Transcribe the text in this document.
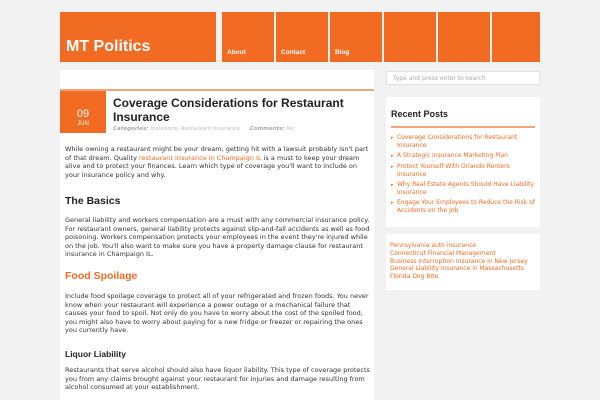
MT Politics	About	Contact	Blog
09
JUN
Coverage Considerations for Restaurant Insurance
Categories: Insurance, Restaurant Insurance Comments: No
While owning a restaurant might be your dream, getting hit with a lawsuit probably isn't part of that dream. Quality restaurant insurance in Champaign IL is a must to keep your dream alive and to protect your finances. Learn which type of coverage you'll want to include on your insurance policy and why.
The Basics
General liability and workers compensation are a must with any commercial insurance policy. For restaurant owners, general liability protects against slip-and-fall accidents as well as food poisoning. Workers compensation protects your employees in the event they're injured while on the job. You'll also want to make sure you have a property damage clause for restaurant insurance in Champaign IL.
Food Spoilage
Include food spoilage coverage to protect all of your refrigerated and frozen foods. You never know when your restaurant will experience a power outage or a mechanical failure that causes your food to spoil. Not only do you have to worry about the cost of the spoiled food, you might also have to worry about paying for a new fridge or freezer or repairing the ones you currently have.
Liquor Liability
Restaurants that serve alcohol should also have liquor liability. This type of coverage protects you from any claims brought against your restaurant for injuries and damage resulting from alcohol consumed at your establishment.
Type and press enter to search
Recent Posts
▸ Coverage Considerations for Restaurant Insurance
▸ A Strategic Insurance Marketing Plan
▸ Protect Yourself With Orlando Renters Insurance
▸ Why Real Estate Agents Should Have Liability Insurance
▸ Engage Your Employees to Reduce the Risk of Accidents on the Job
Pennsylvania auto insurance
Connecticut Financial Management
Business Interruption Insurance in New Jersey
General Liability Insurance in Massachusetts
Florida Dog Bite
